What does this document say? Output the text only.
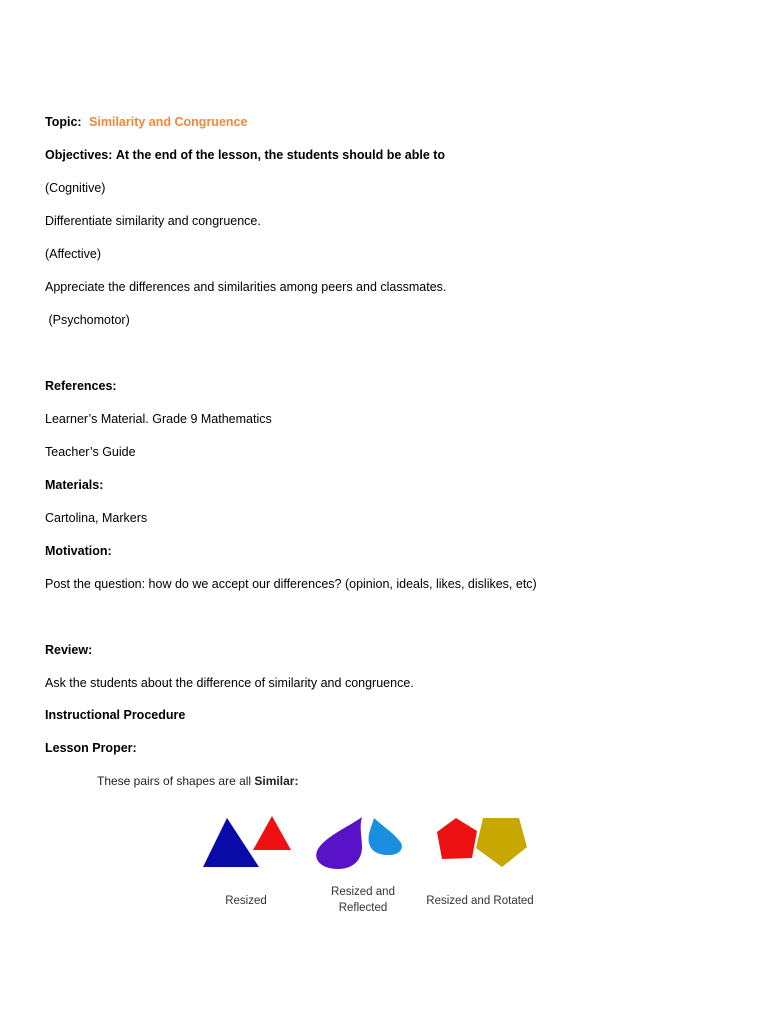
Topic: Similarity and Congruence
Objectives: At the end of the lesson, the students should be able to
(Cognitive)
Differentiate similarity and congruence.
(Affective)
Appreciate the differences and similarities among peers and classmates.
(Psychomotor)
References:
Learner’s Material. Grade 9 Mathematics
Teacher’s Guide
Materials:
Cartolina, Markers
Motivation:
Post the question: how do we accept our differences? (opinion, ideals, likes, dislikes, etc)
Review:
Ask the students about the difference of similarity and congruence.
Instructional Procedure
Lesson Proper:
These pairs of shapes are all Similar:
Resized
Resized and
Reflected
Resized and Rotated
